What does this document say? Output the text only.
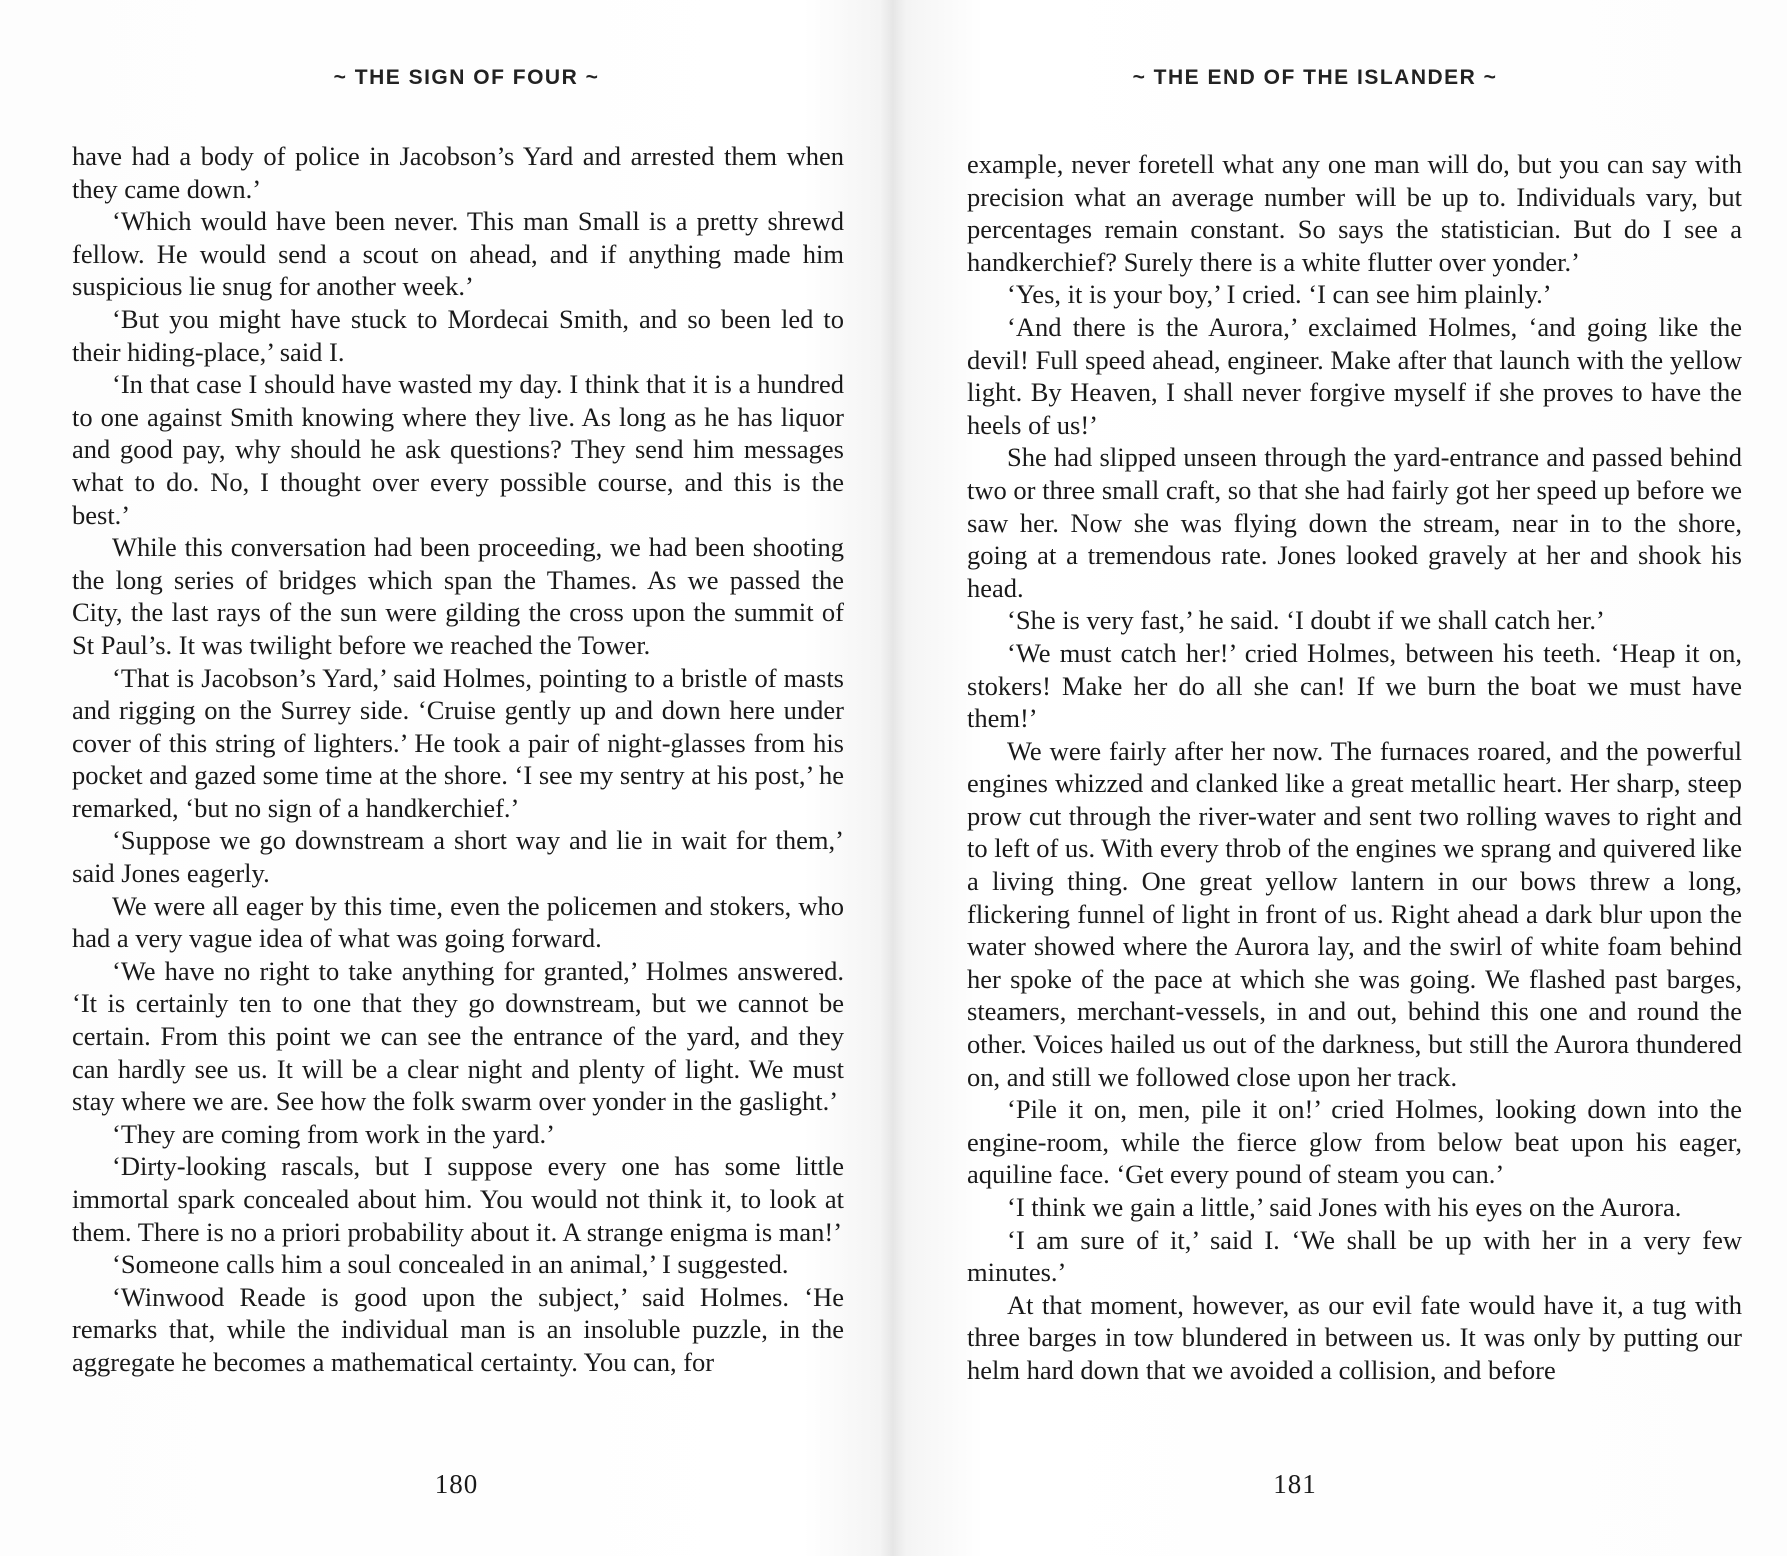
~ THE SIGN OF FOUR ~

have had a body of police in Jacobson’s Yard and arrested them when they came down.’

‘Which would have been never. This man Small is a pretty shrewd fellow. He would send a scout on ahead, and if anything made him suspicious lie snug for another week.’

‘But you might have stuck to Mordecai Smith, and so been led to their hiding-place,’ said I.

‘In that case I should have wasted my day. I think that it is a hundred to one against Smith knowing where they live. As long as he has liquor and good pay, why should he ask questions? They send him messages what to do. No, I thought over every possible course, and this is the best.’

While this conversation had been proceeding, we had been shooting the long series of bridges which span the Thames. As we passed the City, the last rays of the sun were gilding the cross upon the summit of St Paul’s. It was twilight before we reached the Tower.

‘That is Jacobson’s Yard,’ said Holmes, pointing to a bristle of masts and rigging on the Surrey side. ‘Cruise gently up and down here under cover of this string of lighters.’ He took a pair of night-glasses from his pocket and gazed some time at the shore. ‘I see my sentry at his post,’ he remarked, ‘but no sign of a handkerchief.’

‘Suppose we go downstream a short way and lie in wait for them,’ said Jones eagerly.

We were all eager by this time, even the policemen and stokers, who had a very vague idea of what was going forward.

‘We have no right to take anything for granted,’ Holmes answered. ‘It is certainly ten to one that they go downstream, but we cannot be certain. From this point we can see the entrance of the yard, and they can hardly see us. It will be a clear night and plenty of light. We must stay where we are. See how the folk swarm over yonder in the gaslight.’

‘They are coming from work in the yard.’

‘Dirty-looking rascals, but I suppose every one has some little immortal spark concealed about him. You would not think it, to look at them. There is no a priori probability about it. A strange enigma is man!’

‘Someone calls him a soul concealed in an animal,’ I suggested.

‘Winwood Reade is good upon the subject,’ said Holmes. ‘He remarks that, while the individual man is an insoluble puzzle, in the aggregate he becomes a mathematical certainty. You can, for

180
~ THE END OF THE ISLANDER ~

example, never foretell what any one man will do, but you can say with precision what an average number will be up to. Individuals vary, but percentages remain constant. So says the statistician. But do I see a handkerchief? Surely there is a white flutter over yonder.’

‘Yes, it is your boy,’ I cried. ‘I can see him plainly.’

‘And there is the Aurora,’ exclaimed Holmes, ‘and going like the devil! Full speed ahead, engineer. Make after that launch with the yellow light. By Heaven, I shall never forgive myself if she proves to have the heels of us!’

She had slipped unseen through the yard-entrance and passed behind two or three small craft, so that she had fairly got her speed up before we saw her. Now she was flying down the stream, near in to the shore, going at a tremendous rate. Jones looked gravely at her and shook his head.

‘She is very fast,’ he said. ‘I doubt if we shall catch her.’

‘We must catch her!’ cried Holmes, between his teeth. ‘Heap it on, stokers! Make her do all she can! If we burn the boat we must have them!’

We were fairly after her now. The furnaces roared, and the powerful engines whizzed and clanked like a great metallic heart. Her sharp, steep prow cut through the river-water and sent two rolling waves to right and to left of us. With every throb of the engines we sprang and quivered like a living thing. One great yellow lantern in our bows threw a long, flickering funnel of light in front of us. Right ahead a dark blur upon the water showed where the Aurora lay, and the swirl of white foam behind her spoke of the pace at which she was going. We flashed past barges, steamers, merchant-vessels, in and out, behind this one and round the other. Voices hailed us out of the darkness, but still the Aurora thundered on, and still we followed close upon her track.

‘Pile it on, men, pile it on!’ cried Holmes, looking down into the engine-room, while the fierce glow from below beat upon his eager, aquiline face. ‘Get every pound of steam you can.’

‘I think we gain a little,’ said Jones with his eyes on the Aurora.

‘I am sure of it,’ said I. ‘We shall be up with her in a very few minutes.’

At that moment, however, as our evil fate would have it, a tug with three barges in tow blundered in between us. It was only by putting our helm hard down that we avoided a collision, and before

181
